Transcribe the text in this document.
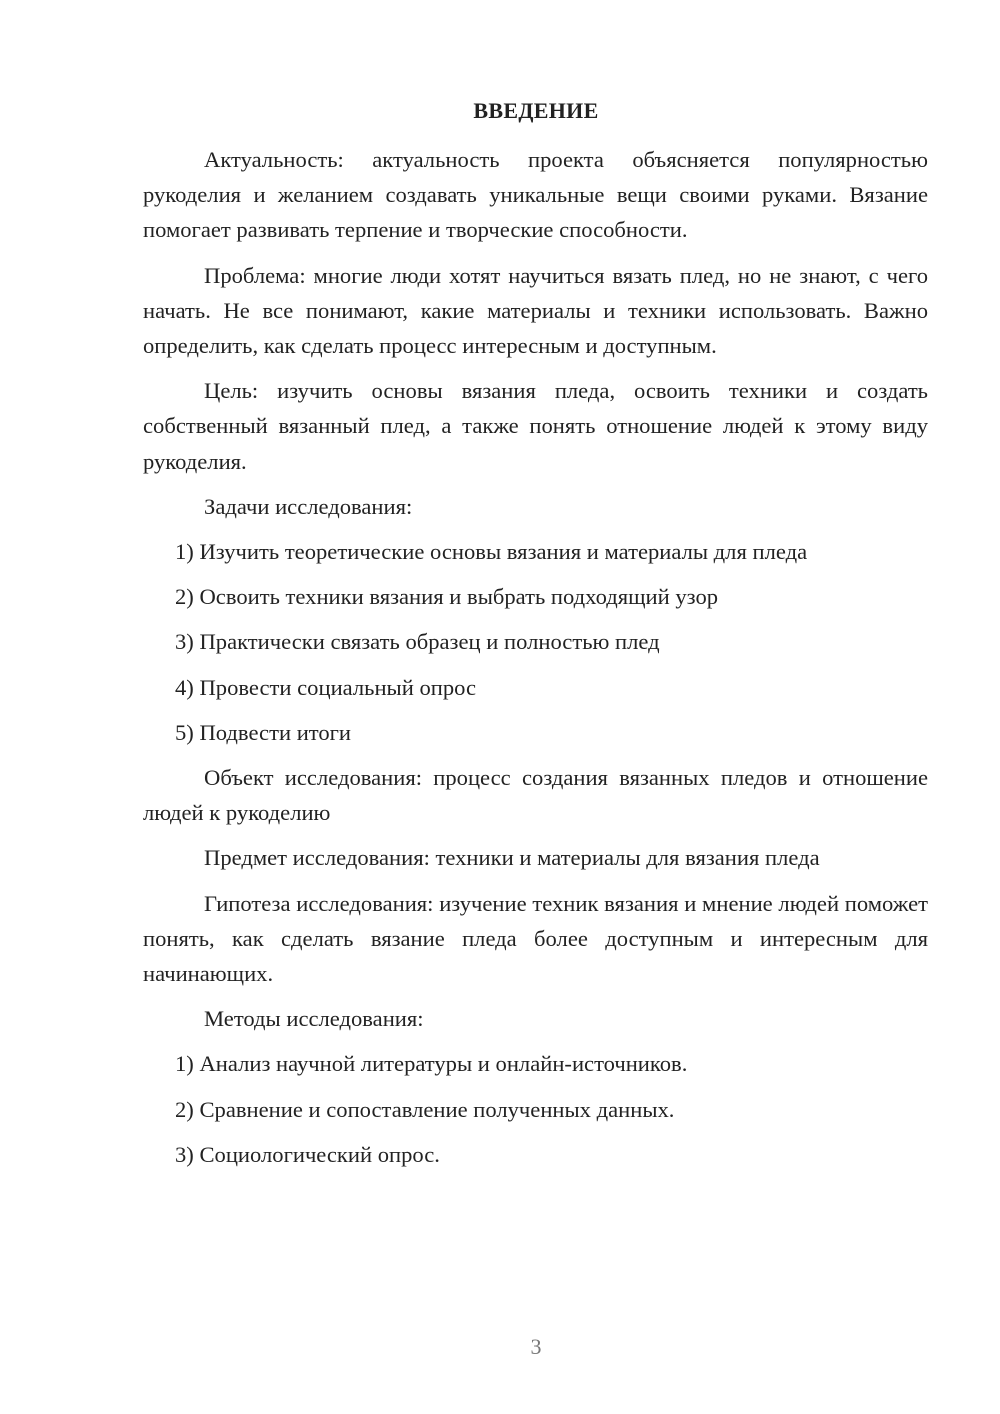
ВВЕДЕНИЕ

Актуальность: актуальность проекта объясняется популярностью рукоделия и желанием создавать уникальные вещи своими руками. Вязание помогает развивать терпение и творческие способности.

Проблема: многие люди хотят научиться вязать плед, но не знают, с чего начать. Не все понимают, какие материалы и техники использовать. Важно определить, как сделать процесс интересным и доступным.

Цель: изучить основы вязания пледа, освоить техники и создать собственный вязанный плед, а также понять отношение людей к этому виду рукоделия.

Задачи исследования:

1) Изучить теоретические основы вязания и материалы для пледа

2) Освоить техники вязания и выбрать подходящий узор

3) Практически связать образец и полностью плед

4) Провести социальный опрос

5) Подвести итоги

Объект исследования: процесс создания вязанных пледов и отношение людей к рукоделию

Предмет исследования: техники и материалы для вязания пледа

Гипотеза исследования: изучение техник вязания и мнение людей поможет понять, как сделать вязание пледа более доступным и интересным для начинающих.

Методы исследования:

1) Анализ научной литературы и онлайн-источников.

2) Сравнение и сопоставление полученных данных.

3) Социологический опрос.

3
